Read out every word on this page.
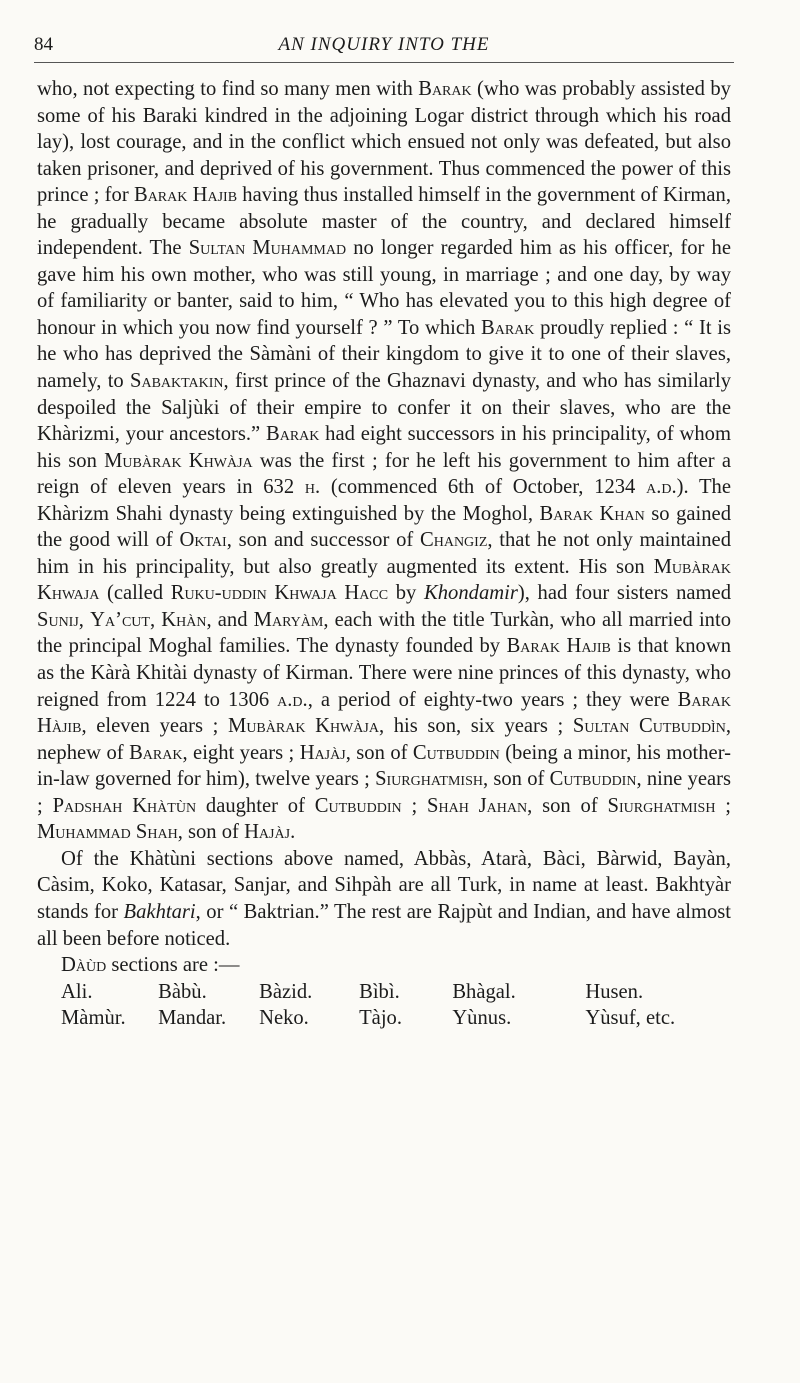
84	AN INQUIRY INTO THE

who, not expecting to find so many men with Barak (who was probably assisted by some of his Baraki kindred in the adjoining Logar district through which his road lay), lost courage, and in the conflict which ensued not only was defeated, but also taken prisoner, and deprived of his government. Thus commenced the power of this prince ; for Barak Hajib having thus installed himself in the government of Kirman, he gradually became absolute master of the country, and declared himself independent. The Sultan Muhammad no longer regarded him as his officer, for he gave him his own mother, who was still young, in marriage ; and one day, by way of familiarity or banter, said to him, “ Who has elevated you to this high degree of honour in which you now find yourself ? ” To which Barak proudly replied : “ It is he who has deprived the Sàmàni of their kingdom to give it to one of their slaves, namely, to Sabaktakin, first prince of the Ghaznavi dynasty, and who has similarly despoiled the Saljùki of their empire to confer it on their slaves, who are the Khàrizmi, your ancestors.” Barak had eight successors in his principality, of whom his son Mubàrak Khwàja was the first ; for he left his government to him after a reign of eleven years in 632 h. (commenced 6th of October, 1234 a.d.). The Khàrizm Shahi dynasty being extinguished by the Moghol, Barak Khan so gained the good will of Oktai, son and successor of Changiz, that he not only maintained him in his principality, but also greatly augmented its extent. His son Mubàrak Khwaja (called Ruku-uddin Khwaja Hacc by Khondamir), had four sisters named Sunij, Ya’cut, Khàn, and Maryàm, each with the title Turkàn, who all married into the principal Moghal families. The dynasty founded by Barak Hajib is that known as the Kàrà Khitài dynasty of Kirman. There were nine princes of this dynasty, who reigned from 1224 to 1306 a.d., a period of eighty-two years ; they were Barak Hàjib, eleven years ; Mubàrak Khwàja, his son, six years ; Sultan Cutbuddìn, nephew of Barak, eight years ; Hajàj, son of Cutbuddin (being a minor, his mother-in-law governed for him), twelve years ; Siurghatmish, son of Cutbuddin, nine years ; Padshah Khàtùn daughter of Cutbuddin ; Shah Jahan, son of Siurghatmish ; Muhammad Shah, son of Hajàj.

Of the Khàtùni sections above named, Abbàs, Atarà, Bàci, Bàrwid, Bayàn, Càsim, Koko, Katasar, Sanjar, and Sihpàh are all Turk, in name at least. Bakhtyàr stands for Bakhtari, or “ Baktrian.” The rest are Rajpùt and Indian, and have almost all been before noticed.

Dàùd sections are :—

Ali.	Bàbù.	Bàzid.	Bìbì.	Bhàgal.	Husen.
Màmùr.	Mandar.	Neko.	Tàjo.	Yùnus.	Yùsuf, etc.
